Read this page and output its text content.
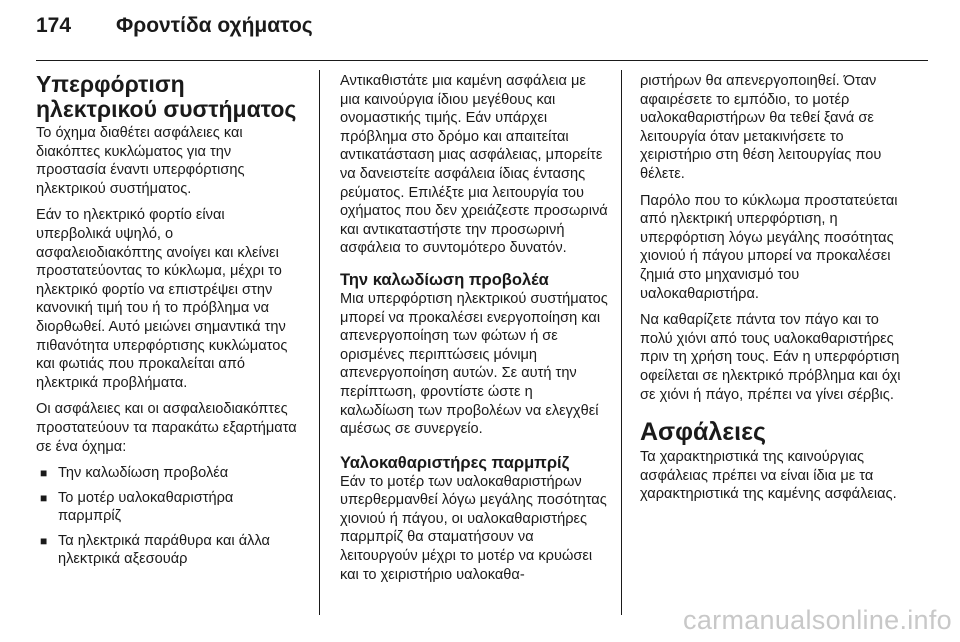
174	Φροντίδα οχήματος
Υπερφόρτιση ηλεκτρικού συστήματος

Το όχημα διαθέτει ασφάλειες και διακόπτες κυκλώματος για την προστασία έναντι υπερφόρτισης ηλεκτρικού συστήματος.

Εάν το ηλεκτρικό φορτίο είναι υπερβολικά υψηλό, ο ασφαλειοδιακόπτης ανοίγει και κλείνει προστατεύοντας το κύκλωμα, μέχρι το ηλεκτρικό φορτίο να επιστρέψει στην κανονική τιμή του ή το πρόβλημα να διορθωθεί. Αυτό μειώνει σημαντικά την πιθανότητα υπερφόρτισης κυκλώματος και φωτιάς που προκαλείται από ηλεκτρικά προβλήματα.

Οι ασφάλειες και οι ασφαλειοδιακόπτες προστατεύουν τα παρακάτω εξαρτήματα σε ένα όχημα:

■ Την καλωδίωση προβολέα
■ Το μοτέρ υαλοκαθαριστήρα παρμπρίζ
■ Τα ηλεκτρικά παράθυρα και άλλα ηλεκτρικά αξεσουάρ

Αντικαθιστάτε μια καμένη ασφάλεια με μια καινούργια ίδιου μεγέθους και ονομαστικής τιμής. Εάν υπάρχει πρόβλημα στο δρόμο και απαιτείται αντικατάσταση μιας ασφάλειας, μπορείτε να δανειστείτε ασφάλεια ίδιας έντασης ρεύματος. Επιλέξτε μια λειτουργία του οχήματος που δεν χρειάζεστε προσωρινά και αντικαταστήστε την προσωρινή ασφάλεια το συντομότερο δυνατόν.

Την καλωδίωση προβολέα

Μια υπερφόρτιση ηλεκτρικού συστήματος μπορεί να προκαλέσει ενεργοποίηση και απενεργοποίηση των φώτων ή σε ορισμένες περιπτώσεις μόνιμη απενεργοποίηση αυτών. Σε αυτή την περίπτωση, φροντίστε ώστε η καλωδίωση των προβολέων να ελεγχθεί αμέσως σε συνεργείο.

Υαλοκαθαριστήρες παρμπρίζ

Εάν το μοτέρ των υαλοκαθαριστήρων υπερθερμανθεί λόγω μεγάλης ποσότητας χιονιού ή πάγου, οι υαλοκαθαριστήρες παρμπρίζ θα σταματήσουν να λειτουργούν μέχρι το μοτέρ να κρυώσει και το χειριστήριο υαλοκαθα-

ριστήρων θα απενεργοποιηθεί. Όταν αφαιρέσετε το εμπόδιο, το μοτέρ υαλοκαθαριστήρων θα τεθεί ξανά σε λειτουργία όταν μετακινήσετε το χειριστήριο στη θέση λειτουργίας που θέλετε.

Παρόλο που το κύκλωμα προστατεύεται από ηλεκτρική υπερφόρτιση, η υπερφόρτιση λόγω μεγάλης ποσότητας χιονιού ή πάγου μπορεί να προκαλέσει ζημιά στο μηχανισμό του υαλοκαθαριστήρα.

Να καθαρίζετε πάντα τον πάγο και το πολύ χιόνι από τους υαλοκαθαριστήρες πριν τη χρήση τους. Εάν η υπερφόρτιση οφείλεται σε ηλεκτρικό πρόβλημα και όχι σε χιόνι ή πάγο, πρέπει να γίνει σέρβις.

Ασφάλειες

Τα χαρακτηριστικά της καινούργιας ασφάλειας πρέπει να είναι ίδια με τα χαρακτηριστικά της καμένης ασφάλειας.

carmanualsonline.info
